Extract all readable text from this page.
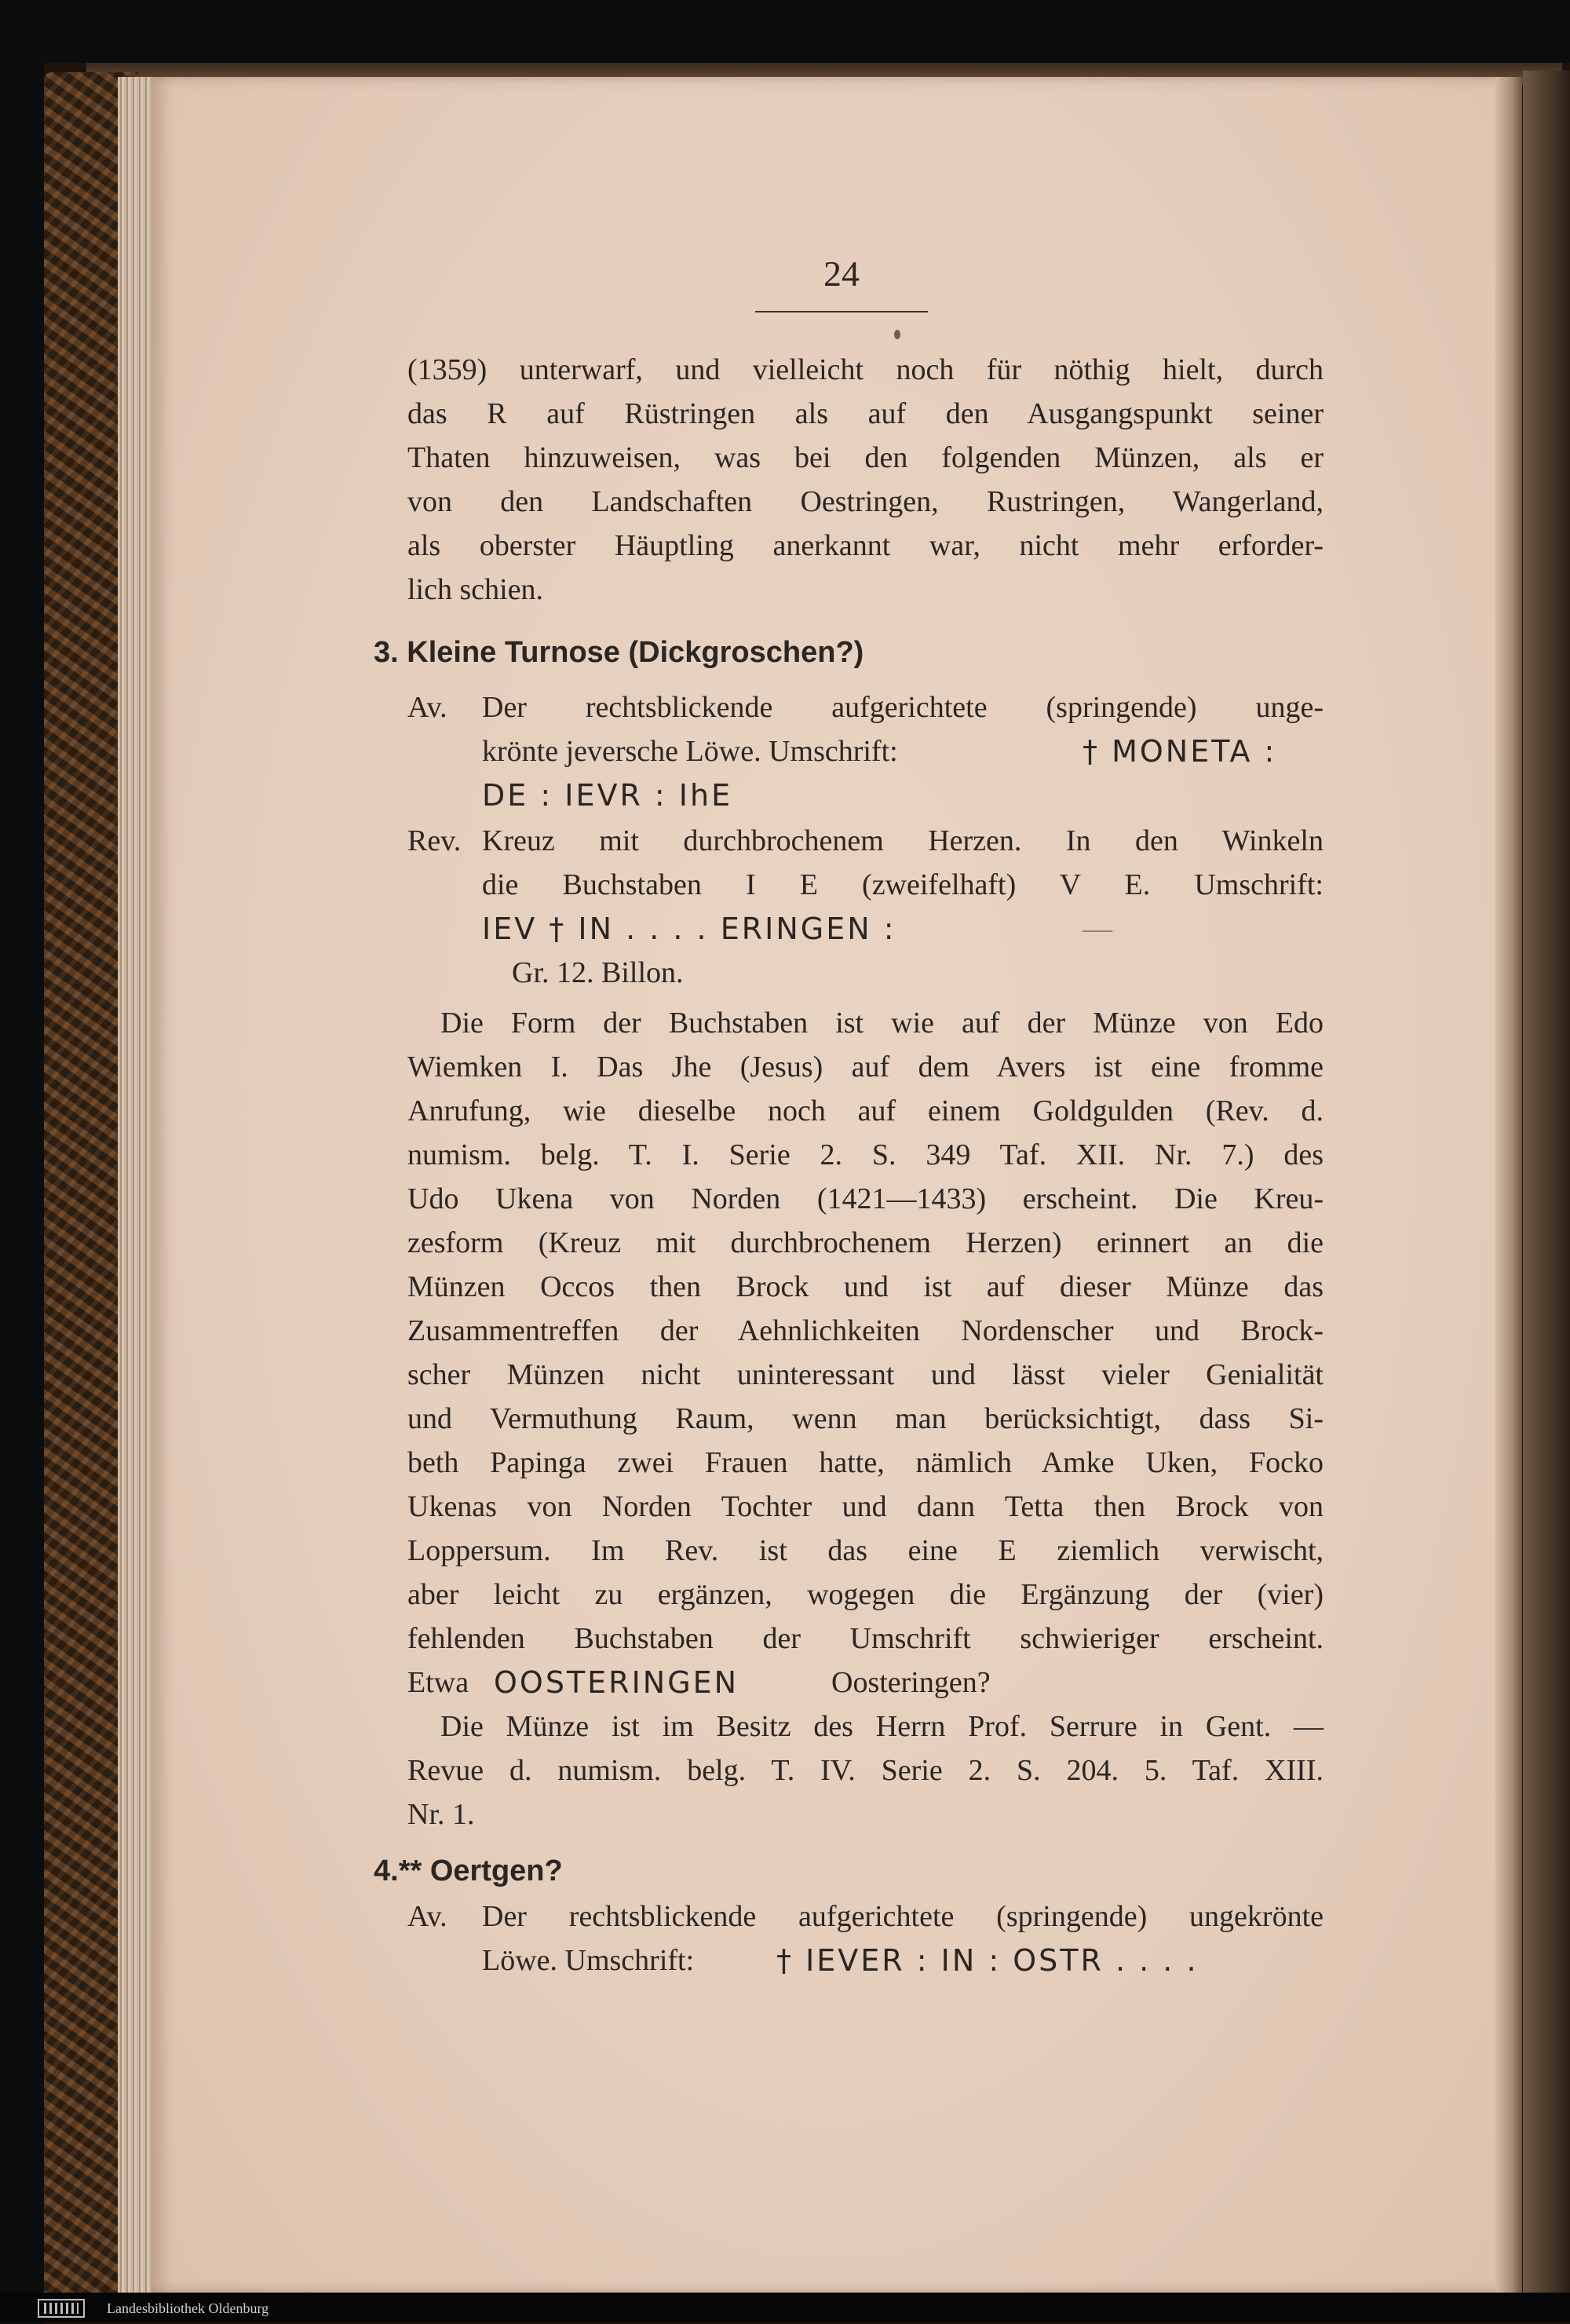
24
(1359) unterwarf, und vielleicht noch für nöthig hielt, durch
das R auf Rüstringen als auf den Ausgangspunkt seiner
Thaten hinzuweisen, was bei den folgenden Münzen, als er
von den Landschaften Oestringen, Rustringen, Wangerland,
als oberster Häuptling anerkannt war, nicht mehr erforder-
lich schien.
3. Kleine Turnose (Dickgroschen?)
Av. Der rechtsblickende aufgerichtete (springende) unge-
krönte jeversche Löwe. Umschrift:	† MONETA :
DE : IEVR : IhE
Rev. Kreuz mit durchbrochenem Herzen. In den Winkeln
die Buchstaben I E (zweifelhaft) V E. Umschrift:
IEV † IN . . . . ERINGEN :	—
Gr. 12. Billon.
Die Form der Buchstaben ist wie auf der Münze von Edo
Wiemken I. Das Jhe (Jesus) auf dem Avers ist eine fromme
Anrufung, wie dieselbe noch auf einem Goldgulden (Rev. d.
numism. belg. T. I. Serie 2. S. 349 Taf. XII. Nr. 7.) des
Udo Ukena von Norden (1421—1433) erscheint. Die Kreu-
zesform (Kreuz mit durchbrochenem Herzen) erinnert an die
Münzen Occos then Brock und ist auf dieser Münze das
Zusammentreffen der Aehnlichkeiten Nordenscher und Brock-
scher Münzen nicht uninteressant und lässt vieler Genialität
und Vermuthung Raum, wenn man berücksichtigt, dass Si-
beth Papinga zwei Frauen hatte, nämlich Amke Uken, Focko
Ukenas von Norden Tochter und dann Tetta then Brock von
Loppersum. Im Rev. ist das eine E ziemlich verwischt,
aber leicht zu ergänzen, wogegen die Ergänzung der (vier)
fehlenden Buchstaben der Umschrift schwieriger erscheint.
Etwa OOSTERINGEN	Oosteringen?
Die Münze ist im Besitz des Herrn Prof. Serrure in Gent. —
Revue d. numism. belg. T. IV. Serie 2. S. 204. 5. Taf. XIII.
Nr. 1.
4.** Oertgen?
Av. Der rechtsblickende aufgerichtete (springende) ungekrönte
Löwe. Umschrift:	† IEVER : IN : OSTR . . . .
Landesbibliothek Oldenburg
